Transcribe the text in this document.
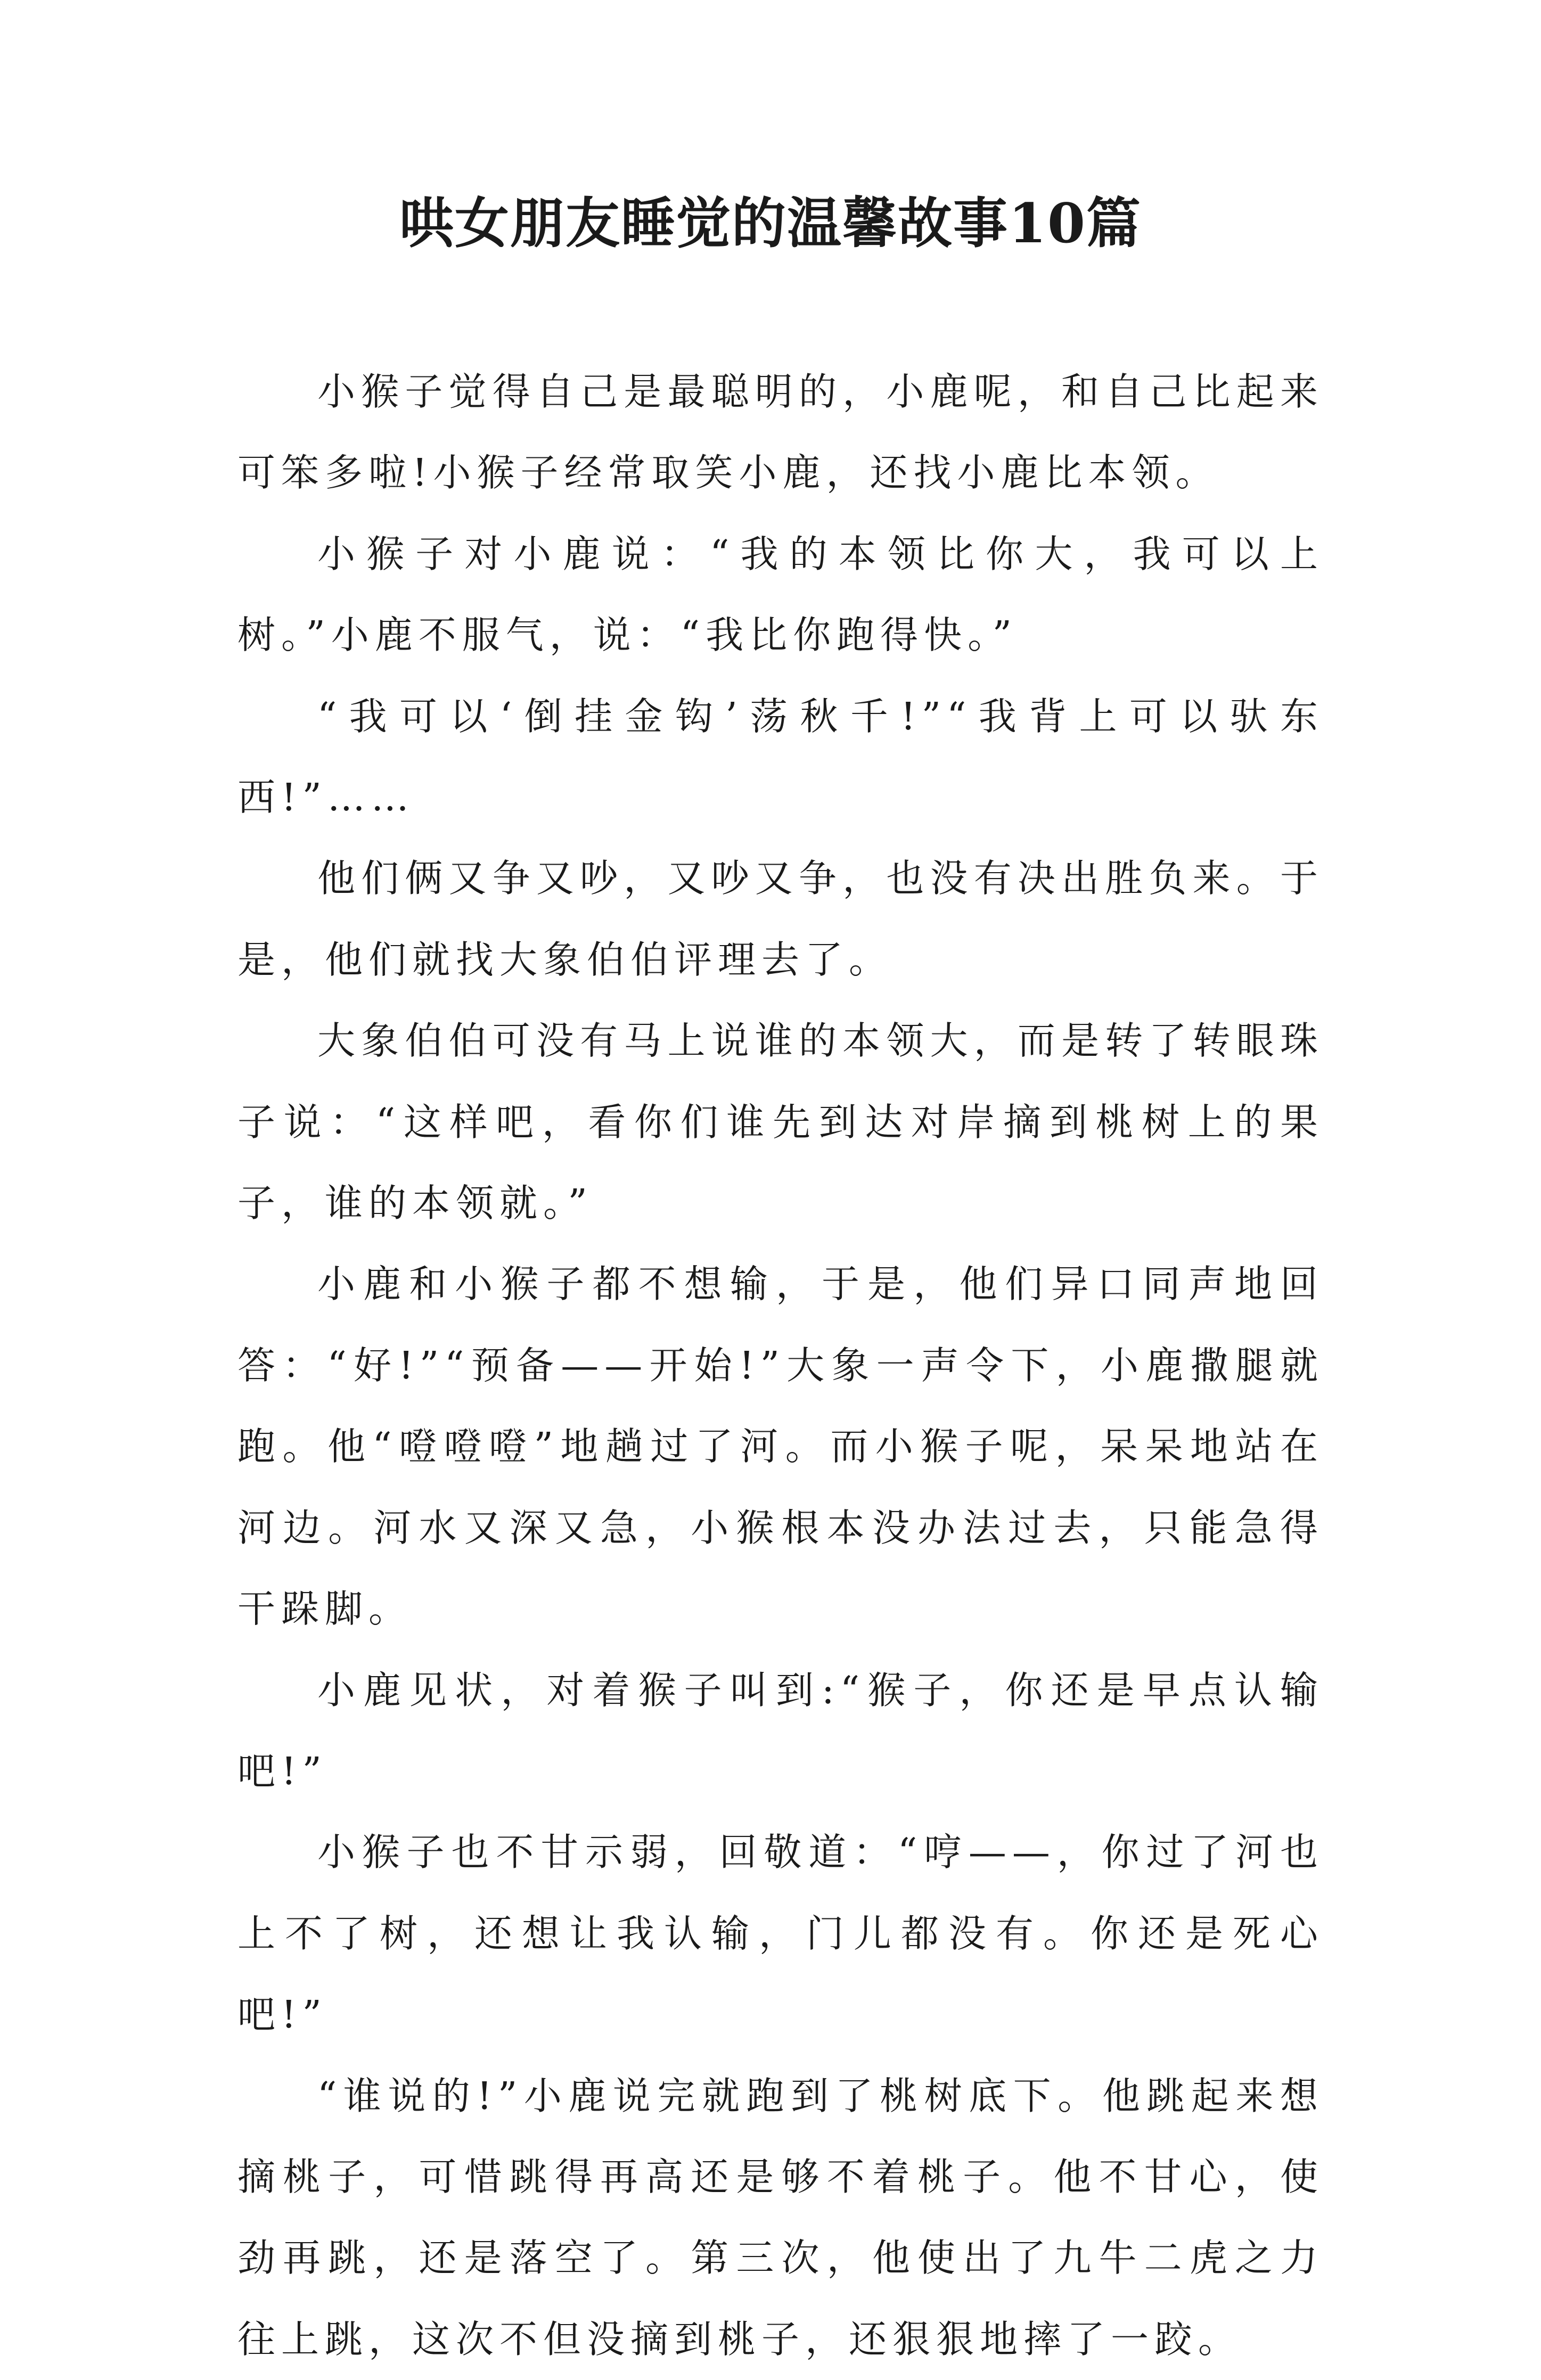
哄女朋友睡觉的温馨故事10篇

小猴子觉得自己是最聪明的，小鹿呢，和自己比起来可笨多啦!小猴子经常取笑小鹿，还找小鹿比本领。

小猴子对小鹿说：“我的本领比你大，我可以上树。”小鹿不服气，说：“我比你跑得快。”

“我可以‘倒挂金钩’荡秋千!”“我背上可以驮东西!”……

他们俩又争又吵，又吵又争，也没有决出胜负来。于是，他们就找大象伯伯评理去了。

大象伯伯可没有马上说谁的本领大，而是转了转眼珠子说：“这样吧，看你们谁先到达对岸摘到桃树上的果子，谁的本领就。”

小鹿和小猴子都不想输，于是，他们异口同声地回答：“好!”“预备——开始!”大象一声令下，小鹿撒腿就跑。他“噔噔噔”地趟过了河。而小猴子呢，呆呆地站在河边。河水又深又急，小猴根本没办法过去，只能急得干跺脚。

小鹿见状，对着猴子叫到:“猴子，你还是早点认输吧!”

小猴子也不甘示弱，回敬道：“哼——，你过了河也上不了树，还想让我认输，门儿都没有。你还是死心吧!”

“谁说的!”小鹿说完就跑到了桃树底下。他跳起来想摘桃子，可惜跳得再高还是够不着桃子。他不甘心，使劲再跳，还是落空了。第三次，他使出了九牛二虎之力往上跳，这次不但没摘到桃子，还狠狠地摔了一跤。
